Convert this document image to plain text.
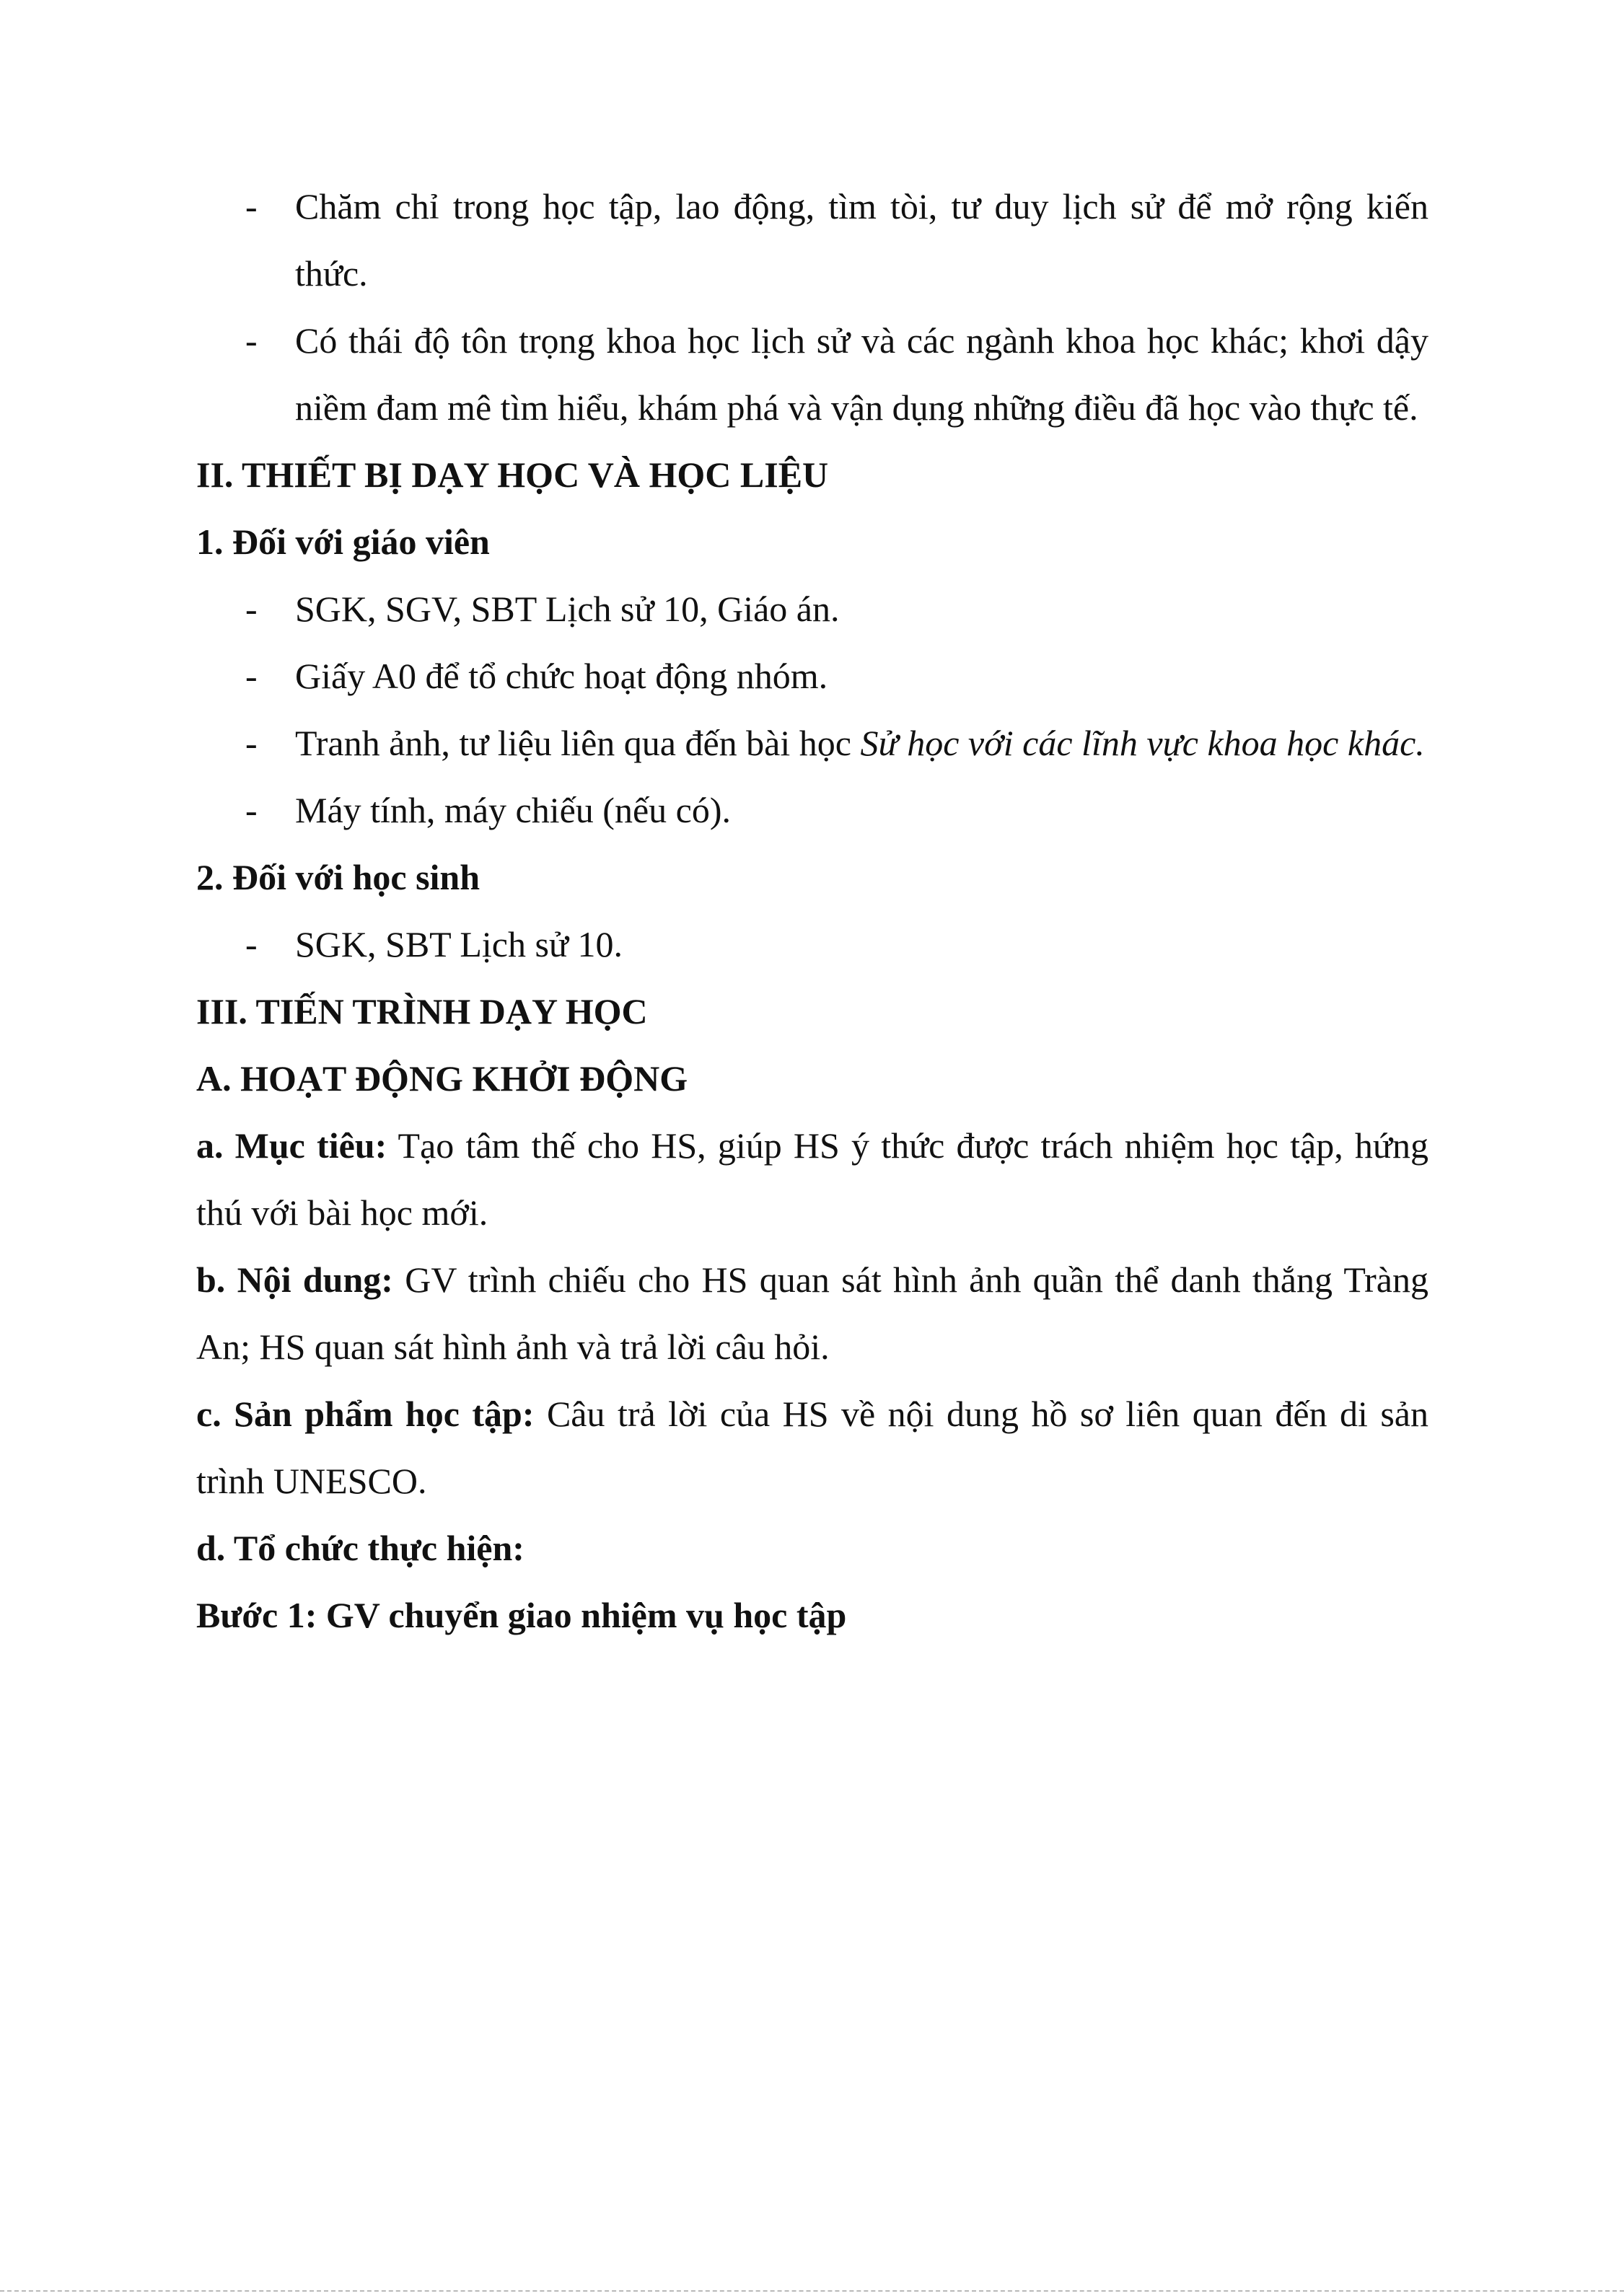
- Chăm chỉ trong học tập, lao động, tìm tòi, tư duy lịch sử để mở rộng kiến thức.
- Có thái độ tôn trọng khoa học lịch sử và các ngành khoa học khác; khơi dậy niềm đam mê tìm hiểu, khám phá và vận dụng những điều đã học vào thực tế.

II. THIẾT BỊ DẠY HỌC VÀ HỌC LIỆU

1. Đối với giáo viên

- SGK, SGV, SBT Lịch sử 10, Giáo án.
- Giấy A0 để tổ chức hoạt động nhóm.
- Tranh ảnh, tư liệu liên qua đến bài học Sử học với các lĩnh vực khoa học khác.
- Máy tính, máy chiếu (nếu có).

2. Đối với học sinh

- SGK, SBT Lịch sử 10.

III. TIẾN TRÌNH DẠY HỌC

A. HOẠT ĐỘNG KHỞI ĐỘNG

a. Mục tiêu: Tạo tâm thế cho HS, giúp HS ý thức được trách nhiệm học tập, hứng thú với bài học mới.

b. Nội dung: GV trình chiếu cho HS quan sát hình ảnh quần thể danh thắng Tràng An; HS quan sát hình ảnh và trả lời câu hỏi.

c. Sản phẩm học tập: Câu trả lời của HS về nội dung hồ sơ liên quan đến di sản trình UNESCO.

d. Tổ chức thực hiện:

Bước 1: GV chuyển giao nhiệm vụ học tập
